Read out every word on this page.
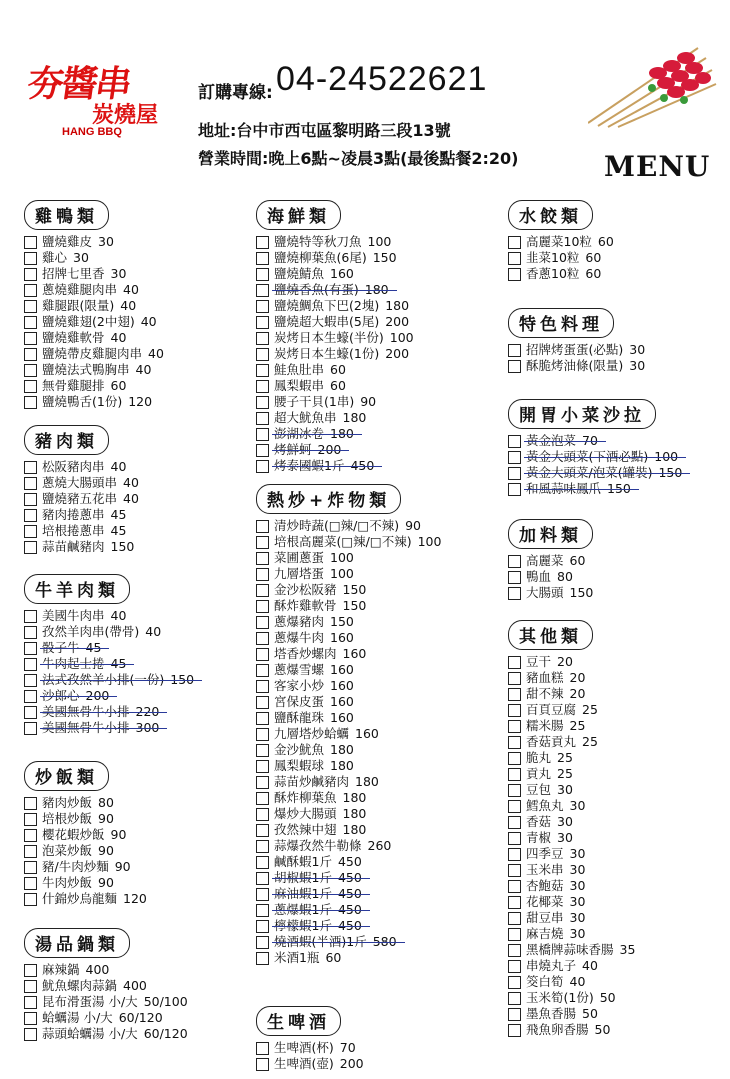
夯醬串
炭燒屋
HANG BBQ
訂購專線: 04-24522621
地址:台中市西屯區黎明路三段13號
營業時間:晚上6點~凌晨3點(最後點餐2:20)	MENU
雞鴨類
鹽燒雞皮 30
雞心 30
招牌七里香 30
蔥燒雞腿肉串 40
雞腿跟(限量) 40
鹽燒雞翅(2中翅) 40
鹽燒雞軟骨 40
鹽燒帶皮雞腿肉串 40
鹽燒法式鴨胸串 40
無骨雞腿排 60
鹽燒鴨舌(1份) 120
豬肉類
松阪豬肉串 40
蔥燒大腸頭串 40
鹽燒豬五花串 40
豬肉捲蔥串 45
培根捲蔥串 45
蒜苗鹹豬肉 150
牛羊肉類
美國牛肉串 40
孜然羊肉串(帶骨) 40
骰子牛 45
牛肉起士捲 45
法式孜然羊小排(一份) 150
沙郎心 200
美國無骨牛小排 220
美國無骨牛小排 300
炒飯類
豬肉炒飯 80
培根炒飯 90
櫻花蝦炒飯 90
泡菜炒飯 90
豬/牛肉炒麵 90
牛肉炒飯 90
什錦炒烏龍麵 120
湯品鍋類
麻辣鍋 400
魷魚螺肉蒜鍋 400
昆布滑蛋湯 小/大 50/100
蛤蠣湯 小/大 60/120
蒜頭蛤蠣湯 小/大 60/120
海鮮類
鹽燒特等秋刀魚 100
鹽燒柳葉魚(6尾) 150
鹽燒鯖魚 160
鹽燒香魚(有蛋) 180
鹽燒鯛魚下巴(2塊) 180
鹽燒超大蝦串(5尾) 200
炭烤日本生蠔(半份) 100
炭烤日本生蠔(1份) 200
鮭魚肚串 60
鳳梨蝦串 60
腰子干貝(1串) 90
超大魷魚串 180
澎湖冰卷 180
烤鮮蚵 200
烤泰國蝦1斤 450
熱炒+炸物類
清炒時蔬(□辣/□不辣) 90
培根高麗菜(□辣/□不辣) 100
菜圃蔥蛋 100
九層塔蛋 100
金沙松阪豬 150
酥炸雞軟骨 150
蔥爆豬肉 150
蔥爆牛肉 160
塔香炒螺肉 160
蔥爆雪螺 160
客家小炒 160
宮保皮蛋 160
鹽酥龍珠 160
九層塔炒蛤蠣 160
金沙魷魚 180
鳳梨蝦球 180
蒜苗炒鹹豬肉 180
酥炸柳葉魚 180
爆炒大腸頭 180
孜然辣中翅 180
蒜爆孜然牛勒條 260
鹹酥蝦1斤 450
胡椒蝦1斤 450
麻油蝦1斤 450
蔥爆蝦1斤 450
檸檬蝦1斤 450
燒酒蝦(半酒)1斤 580
米酒1瓶 60
生啤酒
生啤酒(杯) 70
生啤酒(壺) 200
水餃類
高麗菜10粒 60
韭菜10粒 60
香蔥10粒 60
特色料理
招牌烤蛋蛋(必點) 30
酥脆烤油條(限量) 30
開胃小菜沙拉
黃金泡菜 70
黃金大頭菜(下酒必點) 100
黃金大頭菜/泡菜(罐裝) 150
和風蒜味鳳爪 150
加料類
高麗菜 60
鴨血 80
大腸頭 150
其他類
豆干 20
豬血糕 20
甜不辣 20
百頁豆腐 25
糯米腸 25
香菇貢丸 25
脆丸 25
貢丸 25
豆包 30
鱈魚丸 30
香菇 30
青椒 30
四季豆 30
玉米串 30
杏鮑菇 30
花椰菜 30
甜豆串 30
麻吉燒 30
黑橋牌蒜味香腸 35
串燒丸子 40
筊白筍 40
玉米筍(1份) 50
墨魚香腸 50
飛魚卵香腸 50
